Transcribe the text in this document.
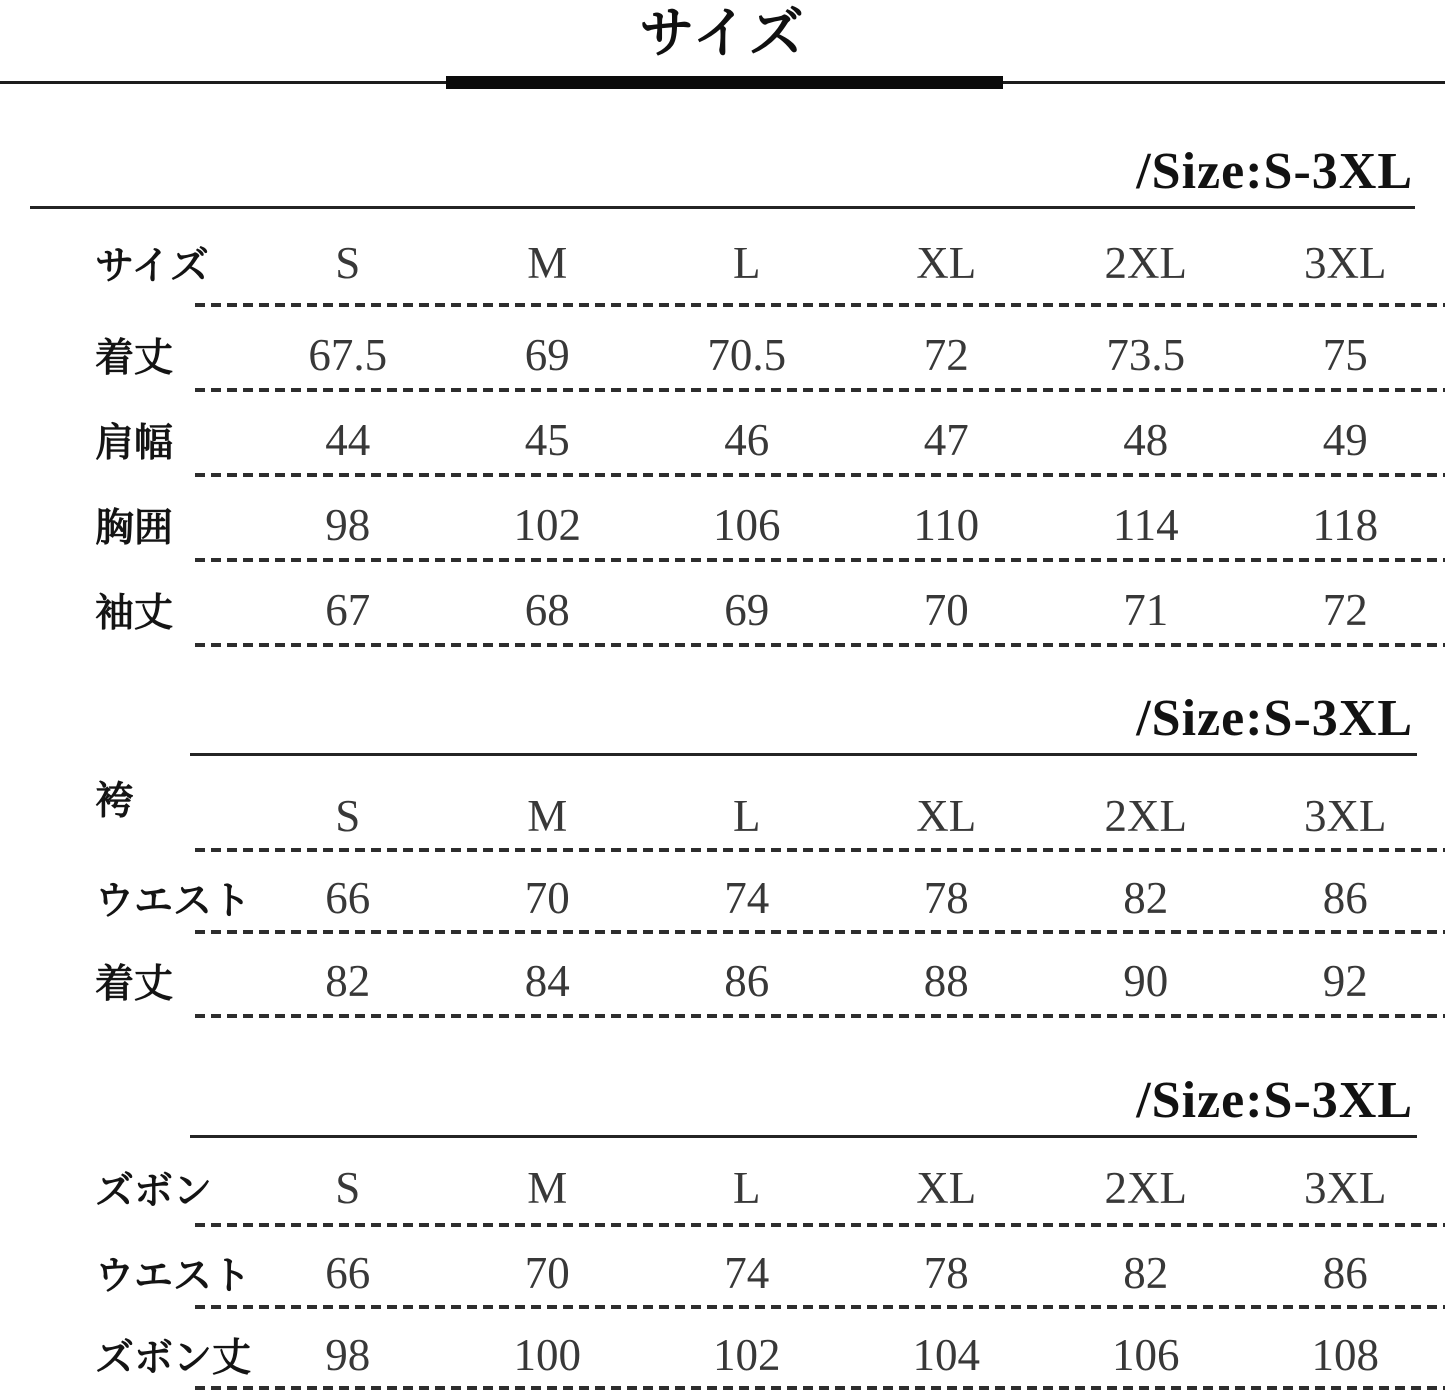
サイズ
/Size:S-3XL
サイズ	S	M	L	XL	2XL	3XL
着丈	67.5	69	70.5	72	73.5	75
肩幅	44	45	46	47	48	49
胸囲	98	102	106	110	114	118
袖丈	67	68	69	70	71	72
/Size:S-3XL
袴	S	M	L	XL	2XL	3XL
ウエスト	66	70	74	78	82	86
着丈	82	84	86	88	90	92
/Size:S-3XL
ズボン	S	M	L	XL	2XL	3XL
ウエスト	66	70	74	78	82	86
ズボン丈	98	100	102	104	106	108
